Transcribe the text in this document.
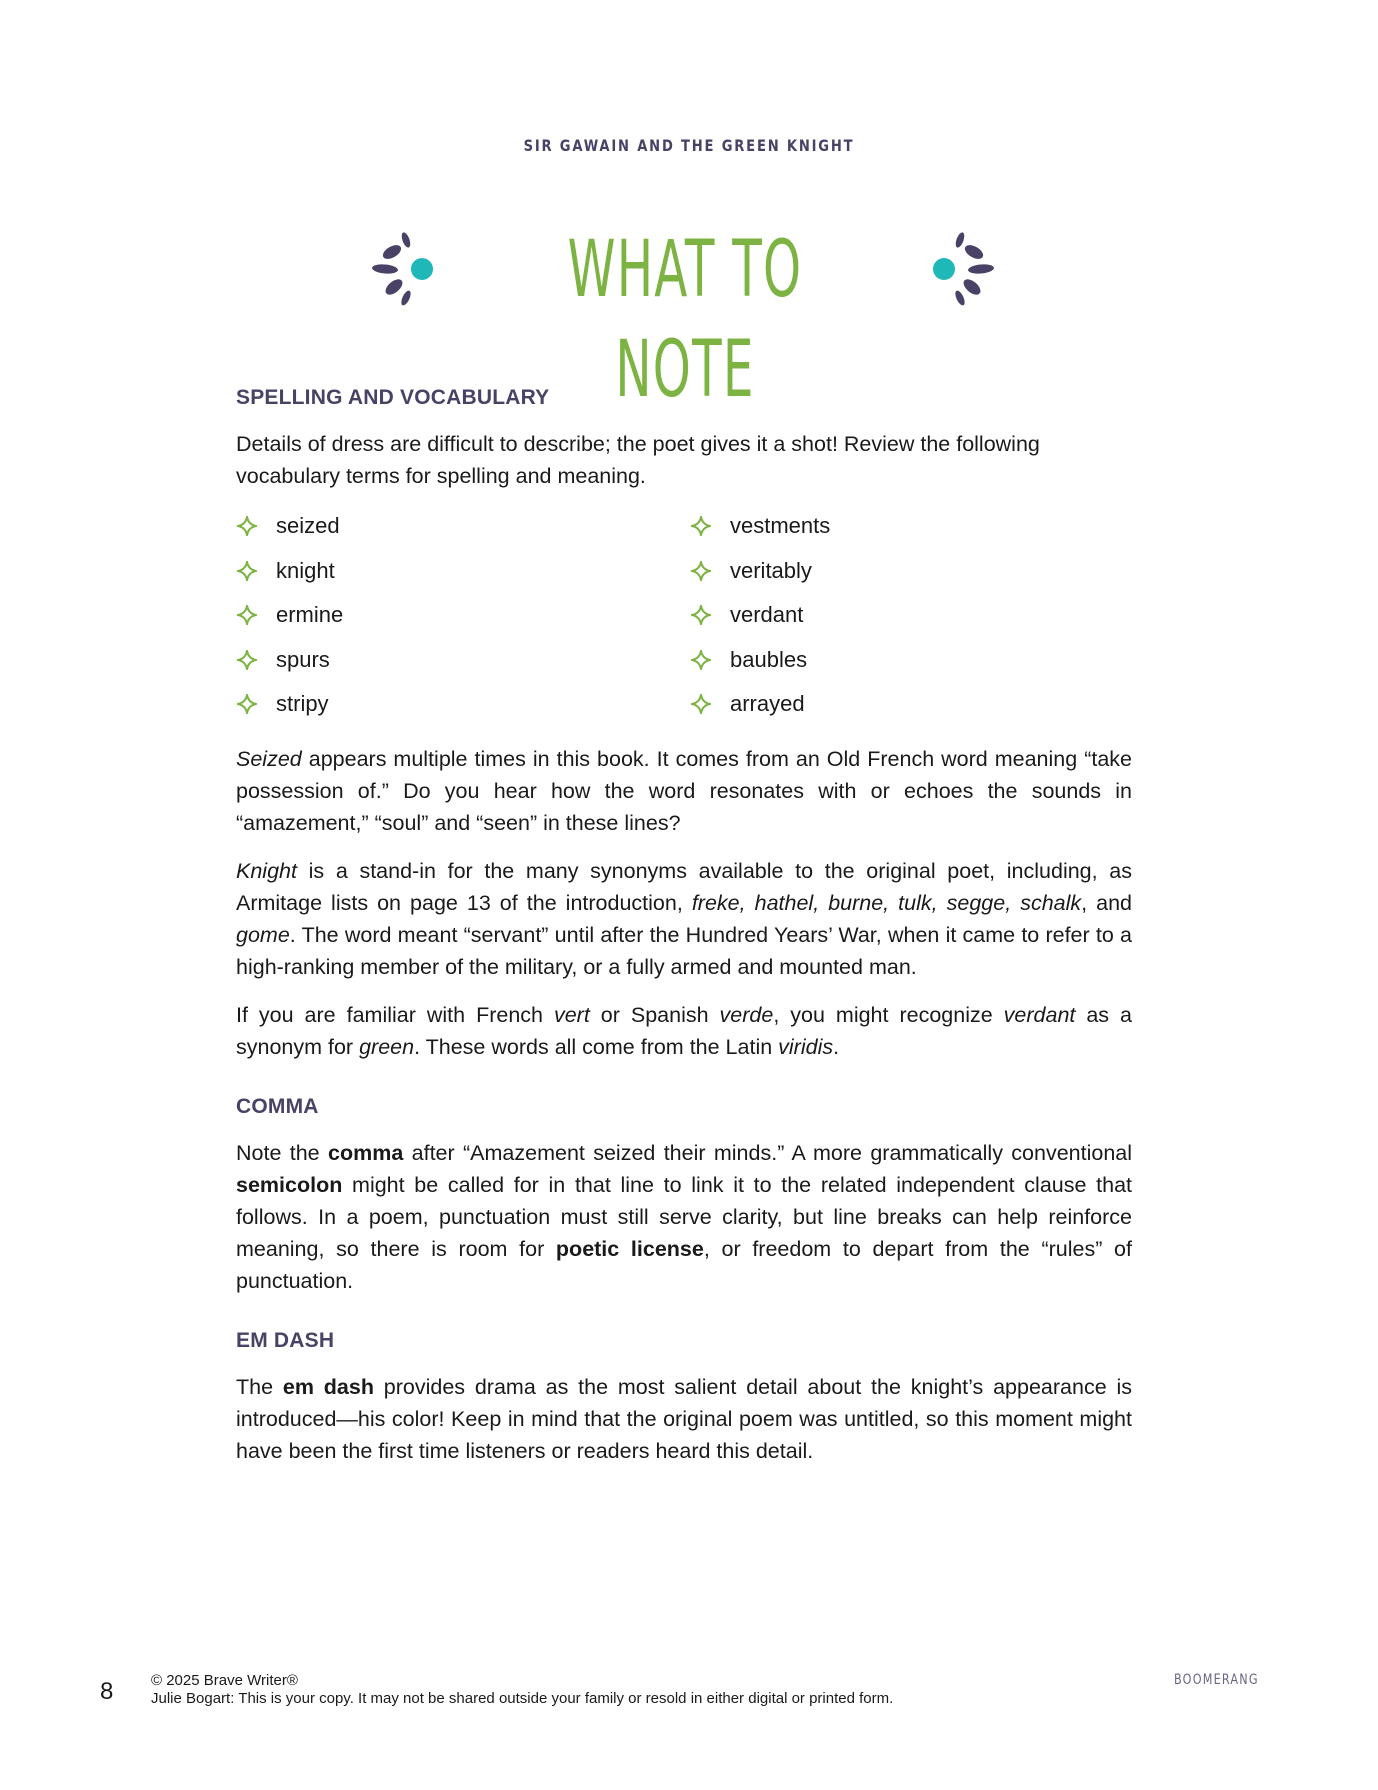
SIR GAWAIN AND THE GREEN KNIGHT
WHAT TO NOTE
SPELLING AND VOCABULARY

Details of dress are difficult to describe; the poet gives it a shot! Review the following vocabulary terms for spelling and meaning.

seized
knight
ermine
spurs
stripy
vestments
veritably
verdant
baubles
arrayed

Seized appears multiple times in this book. It comes from an Old French word meaning “take possession of.” Do you hear how the word resonates with or echoes the sounds in “amazement,” “soul” and “seen” in these lines?

Knight is a stand-in for the many synonyms available to the original poet, including, as Armitage lists on page 13 of the introduction, freke, hathel, burne, tulk, segge, schalk, and gome. The word meant “servant” until after the Hundred Years’ War, when it came to refer to a high-ranking member of the military, or a fully armed and mounted man.

If you are familiar with French vert or Spanish verde, you might recognize verdant as a synonym for green. These words all come from the Latin viridis.

COMMA

Note the comma after “Amazement seized their minds.” A more grammatically conventional semicolon might be called for in that line to link it to the related independent clause that follows. In a poem, punctuation must still serve clarity, but line breaks can help reinforce meaning, so there is room for poetic license, or freedom to depart from the “rules” of punctuation.

EM DASH

The em dash provides drama as the most salient detail about the knight’s appearance is introduced—his color! Keep in mind that the original poem was untitled, so this moment might have been the first time listeners or readers heard this detail.

8	© 2025 Brave Writer®
Julie Bogart: This is your copy. It may not be shared outside your family or resold in either digital or printed form.
BOOMERANG
